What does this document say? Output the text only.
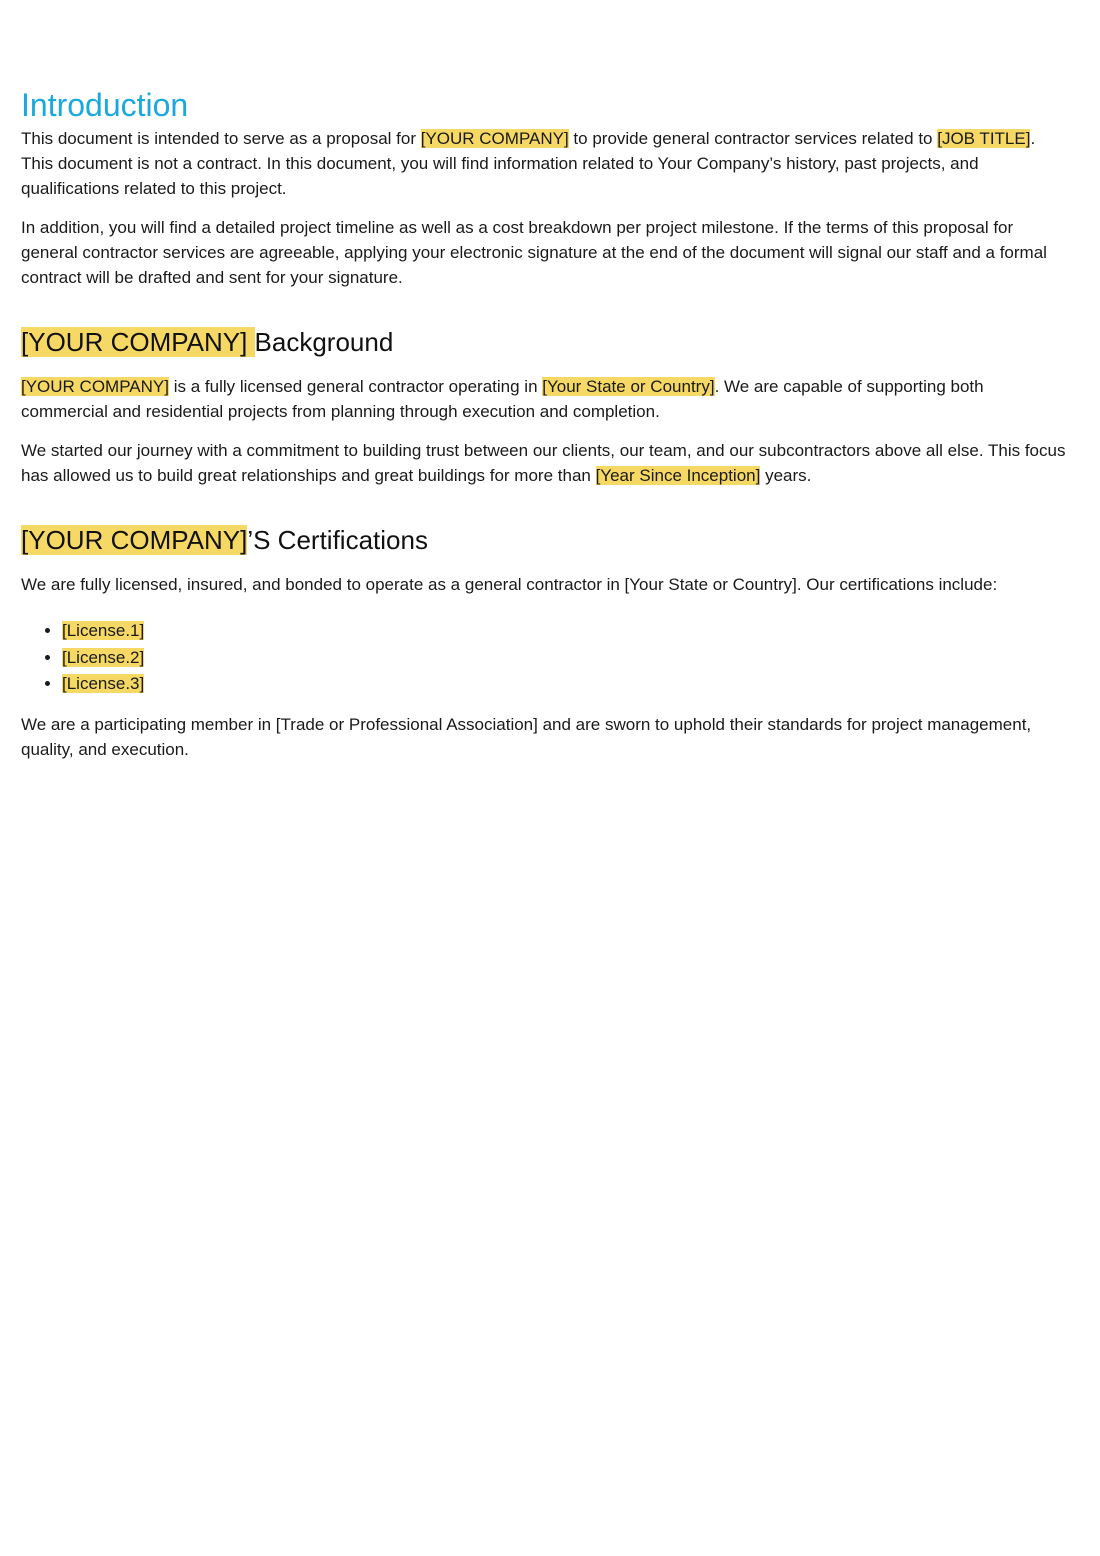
Introduction

This document is intended to serve as a proposal for [YOUR COMPANY] to provide general contractor services related to [JOB TITLE]. This document is not a contract. In this document, you will find information related to Your Company’s history, past projects, and qualifications related to this project.

In addition, you will find a detailed project timeline as well as a cost breakdown per project milestone. If the terms of this proposal for general contractor services are agreeable, applying your electronic signature at the end of the document will signal our staff and a formal contract will be drafted and sent for your signature.

[YOUR COMPANY] Background

[YOUR COMPANY] is a fully licensed general contractor operating in [Your State or Country]. We are capable of supporting both commercial and residential projects from planning through execution and completion.

We started our journey with a commitment to building trust between our clients, our team, and our subcontractors above all else. This focus has allowed us to build great relationships and great buildings for more than [Year Since Inception] years.

[YOUR COMPANY]’S Certifications

We are fully licensed, insured, and bonded to operate as a general contractor in [Your State or Country]. Our certifications include:

• [License.1]
• [License.2]
• [License.3]

We are a participating member in [Trade or Professional Association] and are sworn to uphold their standards for project management, quality, and execution.
